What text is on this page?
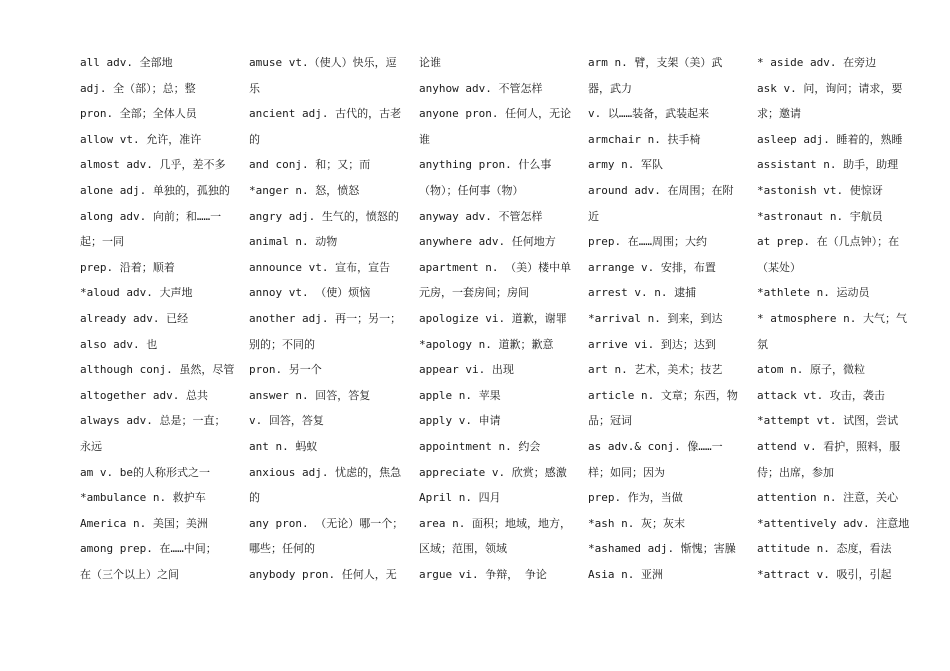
all adv. 全部地
adj. 全（部）；总；整
pron. 全部；全体人员
allow vt. 允许，准许
almost adv. 几乎，差不多
alone adj. 单独的，孤独的
along adv. 向前；和……一
起；一同
prep. 沿着；顺着
*aloud adv. 大声地
already adv. 已经
also adv. 也
although conj. 虽然，尽管
altogether adv. 总共
always adv. 总是；一直；
永远
am v. be的人称形式之一
*ambulance n. 救护车
America n. 美国；美洲
among prep. 在……中间；
在（三个以上）之间
amuse vt.（使人）快乐，逗
乐
ancient adj. 古代的，古老
的
and conj. 和；又；而
*anger n. 怒，愤怒
angry adj. 生气的，愤怒的
animal n. 动物
announce vt. 宣布，宣告
annoy vt. （使）烦恼
another adj. 再一；另一；
别的；不同的
pron. 另一个
answer n. 回答，答复
v. 回答，答复
ant n. 蚂蚁
anxious adj. 忧虑的，焦急
的
any pron. （无论）哪一个；
哪些；任何的
anybody pron. 任何人，无
论谁
anyhow adv. 不管怎样
anyone pron. 任何人，无论
谁
anything pron. 什么事
（物）；任何事（物）
anyway adv. 不管怎样
anywhere adv. 任何地方
apartment n. （美）楼中单
元房，一套房间；房间
apologize vi. 道歉，谢罪
*apology n. 道歉；歉意
appear vi. 出现
apple n. 苹果
apply v. 申请
appointment n. 约会
appreciate v. 欣赏；感激
April n. 四月
area n. 面积；地域，地方，
区域；范围，领域
argue vi. 争辩， 争论
arm n. 臂，支架（美）武
器，武力
v. 以……装备，武装起来
armchair n. 扶手椅
army n. 军队
around adv. 在周围；在附
近
prep. 在……周围；大约
arrange v. 安排，布置
arrest v. n. 逮捕
*arrival n. 到来，到达
arrive vi. 到达；达到
art n. 艺术，美术；技艺
article n. 文章；东西，物
品；冠词
as adv.& conj. 像……一
样；如同；因为
prep. 作为，当做
*ash n. 灰；灰末
*ashamed adj. 惭愧；害臊
Asia n. 亚洲
* aside adv. 在旁边
ask v. 问，询问；请求，要
求；邀请
asleep adj. 睡着的，熟睡
assistant n. 助手，助理
*astonish vt. 使惊讶
*astronaut n. 宇航员
at prep. 在（几点钟）；在
（某处）
*athlete n. 运动员
* atmosphere n. 大气；气
氛
atom n. 原子，微粒
attack vt. 攻击，袭击
*attempt vt. 试图，尝试
attend v. 看护，照料，服
侍；出席，参加
attention n. 注意，关心
*attentively adv. 注意地
attitude n. 态度，看法
*attract v. 吸引，引起
